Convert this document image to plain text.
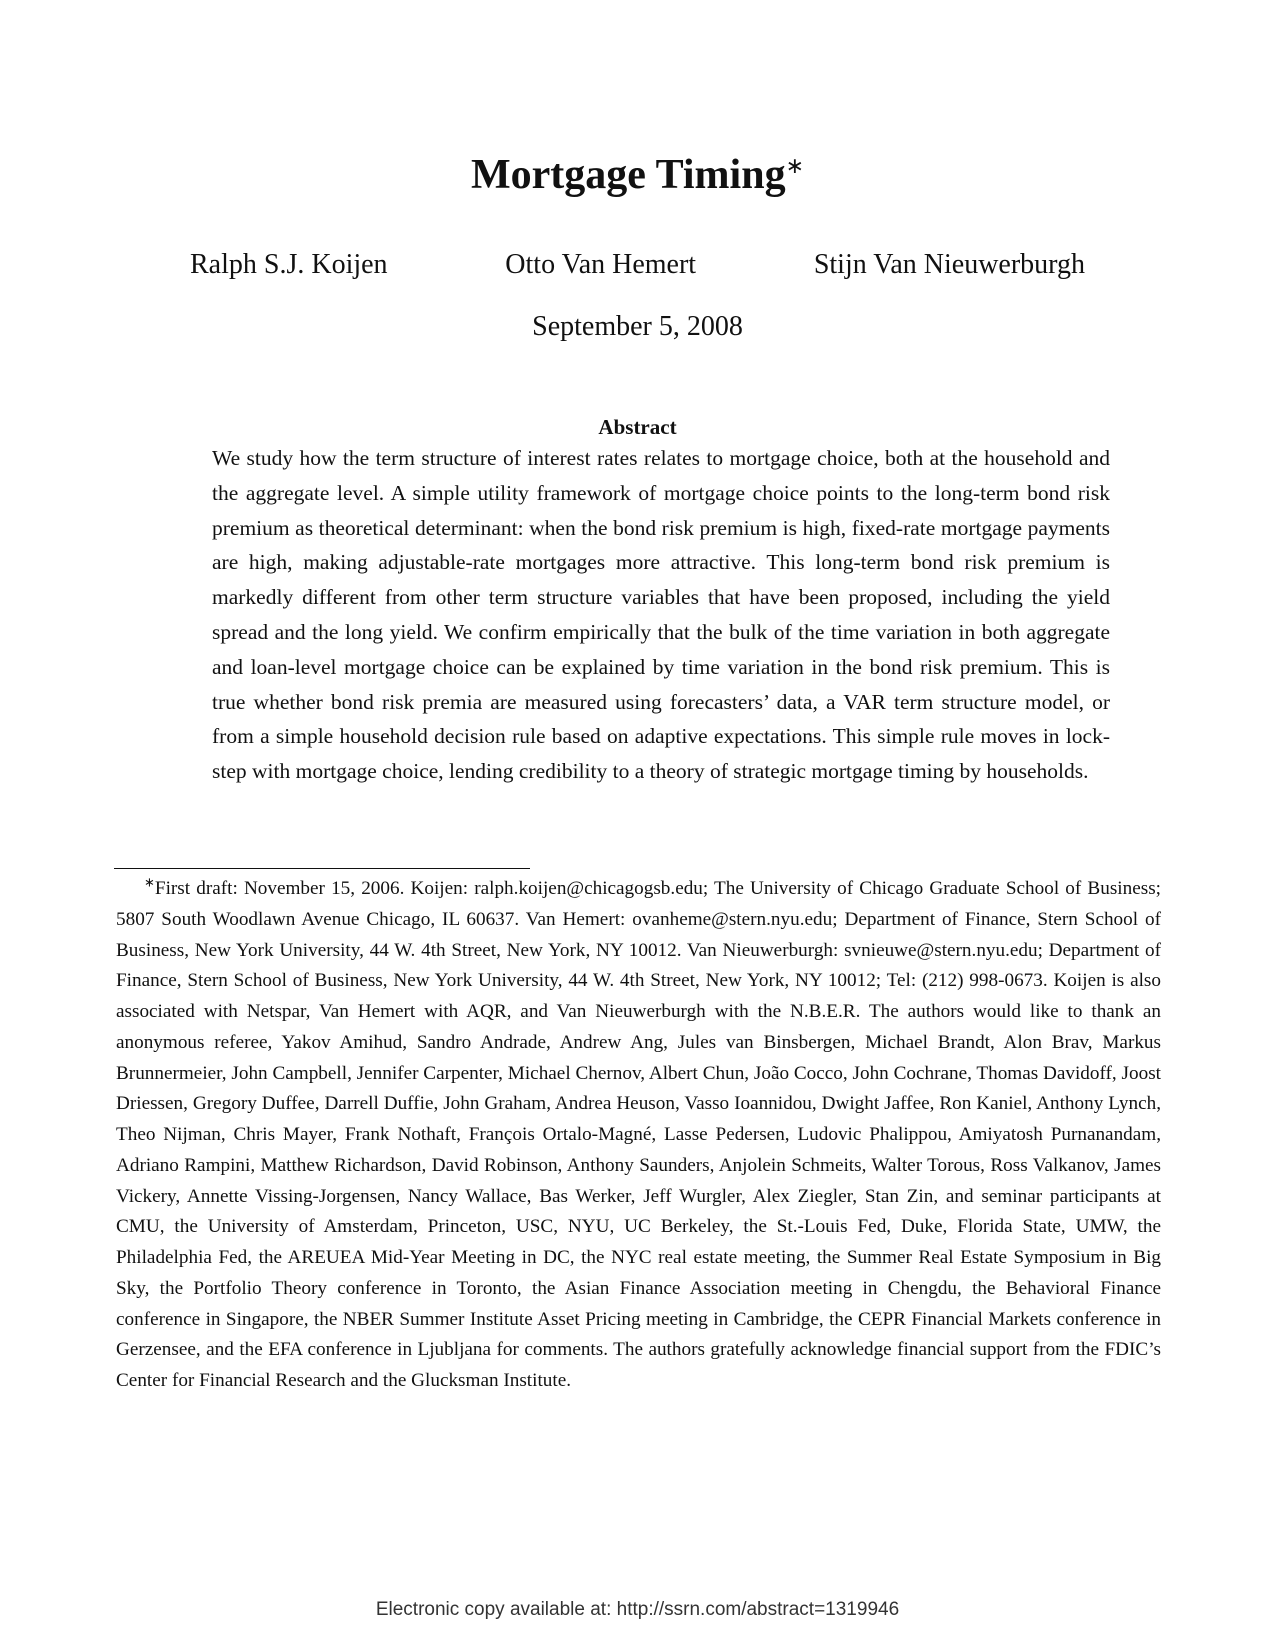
Mortgage Timing∗
Ralph S.J. Koijen	Otto Van Hemert	Stijn Van Nieuwerburgh
September 5, 2008
Abstract

We study how the term structure of interest rates relates to mortgage choice, both at the household and the aggregate level. A simple utility framework of mortgage choice points to the long-term bond risk premium as theoretical determinant: when the bond risk premium is high, fixed-rate mortgage payments are high, making adjustable-rate mortgages more attractive. This long-term bond risk premium is markedly different from other term structure variables that have been proposed, including the yield spread and the long yield. We confirm empirically that the bulk of the time variation in both aggregate and loan-level mortgage choice can be explained by time variation in the bond risk premium. This is true whether bond risk premia are measured using forecasters’ data, a VAR term structure model, or from a simple household decision rule based on adaptive expectations. This simple rule moves in lock-step with mortgage choice, lending credibility to a theory of strategic mortgage timing by households.

∗First draft: November 15, 2006. Koijen: ralph.koijen@chicagogsb.edu; The University of Chicago Graduate School of Business; 5807 South Woodlawn Avenue Chicago, IL 60637. Van Hemert: ovanheme@stern.nyu.edu; Department of Finance, Stern School of Business, New York University, 44 W. 4th Street, New York, NY 10012. Van Nieuwerburgh: svnieuwe@stern.nyu.edu; Department of Finance, Stern School of Business, New York University, 44 W. 4th Street, New York, NY 10012; Tel: (212) 998-0673. Koijen is also associated with Netspar, Van Hemert with AQR, and Van Nieuwerburgh with the N.B.E.R. The authors would like to thank an anonymous referee, Yakov Amihud, Sandro Andrade, Andrew Ang, Jules van Binsbergen, Michael Brandt, Alon Brav, Markus Brunnermeier, John Campbell, Jennifer Carpenter, Michael Chernov, Albert Chun, João Cocco, John Cochrane, Thomas Davidoff, Joost Driessen, Gregory Duffee, Darrell Duffie, John Graham, Andrea Heuson, Vasso Ioannidou, Dwight Jaffee, Ron Kaniel, Anthony Lynch, Theo Nijman, Chris Mayer, Frank Nothaft, François Ortalo-Magné, Lasse Pedersen, Ludovic Phalippou, Amiyatosh Purnanandam, Adriano Rampini, Matthew Richardson, David Robinson, Anthony Saunders, Anjolein Schmeits, Walter Torous, Ross Valkanov, James Vickery, Annette Vissing-Jorgensen, Nancy Wallace, Bas Werker, Jeff Wurgler, Alex Ziegler, Stan Zin, and seminar participants at CMU, the University of Amsterdam, Princeton, USC, NYU, UC Berkeley, the St.-Louis Fed, Duke, Florida State, UMW, the Philadelphia Fed, the AREUEA Mid-Year Meeting in DC, the NYC real estate meeting, the Summer Real Estate Symposium in Big Sky, the Portfolio Theory conference in Toronto, the Asian Finance Association meeting in Chengdu, the Behavioral Finance conference in Singapore, the NBER Summer Institute Asset Pricing meeting in Cambridge, the CEPR Financial Markets conference in Gerzensee, and the EFA conference in Ljubljana for comments. The authors gratefully acknowledge financial support from the FDIC’s Center for Financial Research and the Glucksman Institute.

Electronic copy available at: http://ssrn.com/abstract=1319946
